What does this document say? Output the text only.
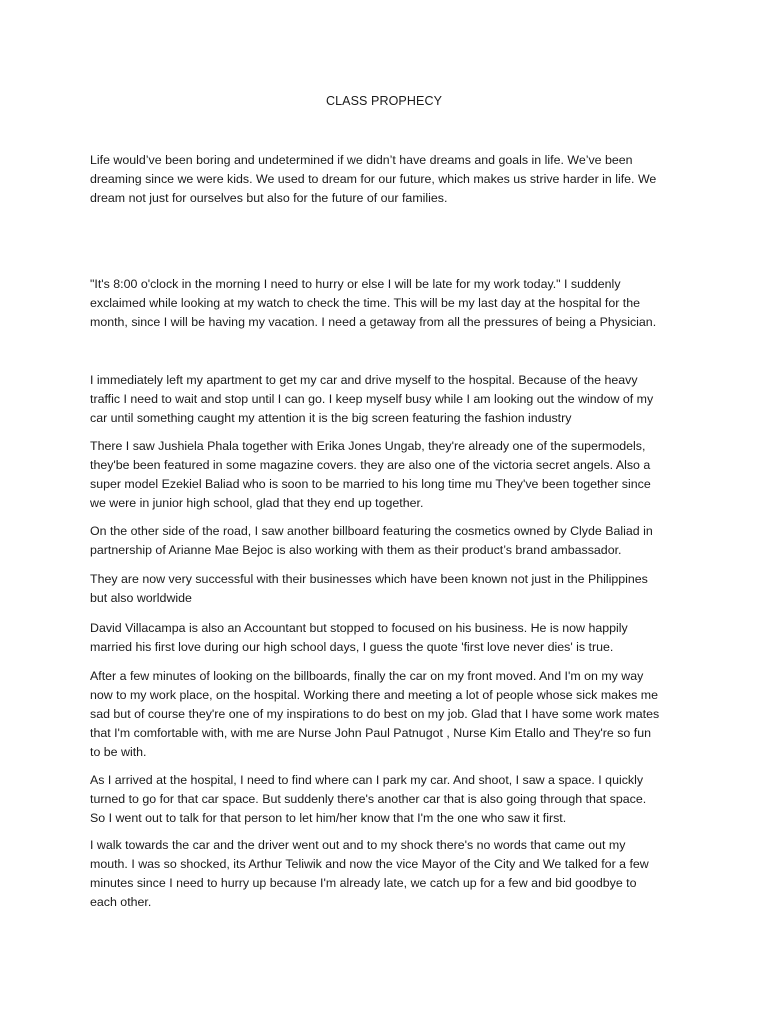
CLASS PROPHECY

Life would’ve been boring and undetermined if we didn’t have dreams and goals in life. We’ve been
dreaming since we were kids. We used to dream for our future, which makes us strive harder in life. We
dream not just for ourselves but also for the future of our families.

"It's 8:00 o'clock in the morning I need to hurry or else I will be late for my work today." I suddenly
exclaimed while looking at my watch to check the time. This will be my last day at the hospital for the
month, since I will be having my vacation. I need a getaway from all the pressures of being a Physician.

I immediately left my apartment to get my car and drive myself to the hospital. Because of the heavy
traffic I need to wait and stop until I can go. I keep myself busy while I am looking out the window of my
car until something caught my attention it is the big screen featuring the fashion industry

There I saw Jushiela Phala together with Erika Jones Ungab, they're already one of the supermodels,
they'be been featured in some magazine covers. they are also one of the victoria secret angels. Also a
super model Ezekiel Baliad who is soon to be married to his long time mu They've been together since
we were in junior high school, glad that they end up together.

On the other side of the road, I saw another billboard featuring the cosmetics owned by Clyde Baliad in
partnership of Arianne Mae Bejoc is also working with them as their product’s brand ambassador.

They are now very successful with their businesses which have been known not just in the Philippines
but also worldwide

David Villacampa is also an Accountant but stopped to focused on his business. He is now happily
married his first love during our high school days, I guess the quote 'first love never dies' is true.

After a few minutes of looking on the billboards, finally the car on my front moved. And I'm on my way
now to my work place, on the hospital. Working there and meeting a lot of people whose sick makes me
sad but of course they're one of my inspirations to do best on my job. Glad that I have some work mates
that I'm comfortable with, with me are Nurse John Paul Patnugot , Nurse Kim Etallo and They're so fun
to be with.

As I arrived at the hospital, I need to find where can I park my car. And shoot, I saw a space. I quickly
turned to go for that car space. But suddenly there's another car that is also going through that space.
So I went out to talk for that person to let him/her know that I'm the one who saw it first.

I walk towards the car and the driver went out and to my shock there's no words that came out my
mouth. I was so shocked, its Arthur Teliwik and now the vice Mayor of the City and We talked for a few
minutes since I need to hurry up because I'm already late, we catch up for a few and bid goodbye to
each other.
